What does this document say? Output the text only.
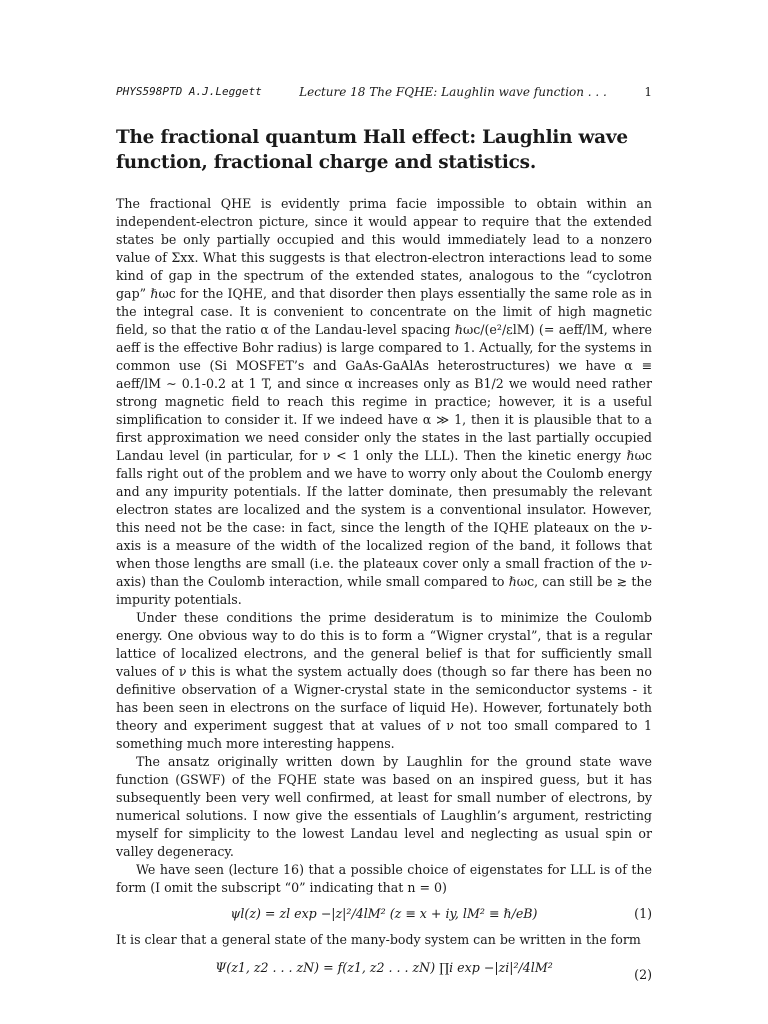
PHYS598PTD A.J.Leggett	Lecture 18 The FQHE: Laughlin wave function . . .	1
The fractional quantum Hall effect: Laughlin wave function, fractional charge and statistics.

The fractional QHE is evidently prima facie impossible to obtain within an independent-electron picture, since it would appear to require that the extended states be only partially occupied and this would immediately lead to a nonzero value of Σxx. What this suggests is that electron-electron interactions lead to some kind of gap in the spectrum of the extended states, analogous to the “cyclotron gap” ℏωc for the IQHE, and that disorder then plays essentially the same role as in the integral case. It is convenient to concentrate on the limit of high magnetic field, so that the ratio α of the Landau-level spacing ℏωc/(e²/εlM) (= aeff/lM, where aeff is the effective Bohr radius) is large compared to 1. Actually, for the systems in common use (Si MOSFET’s and GaAs-GaAlAs heterostructures) we have α ≡ aeff/lM ∼ 0.1-0.2 at 1 T, and since α increases only as B1/2 we would need rather strong magnetic field to reach this regime in practice; however, it is a useful simplification to consider it. If we indeed have α ≫ 1, then it is plausible that to a first approximation we need consider only the states in the last partially occupied Landau level (in particular, for ν < 1 only the LLL). Then the kinetic energy ℏωc falls right out of the problem and we have to worry only about the Coulomb energy and any impurity potentials. If the latter dominate, then presumably the relevant electron states are localized and the system is a conventional insulator. However, this need not be the case: in fact, since the length of the IQHE plateaux on the ν-axis is a measure of the width of the localized region of the band, it follows that when those lengths are small (i.e. the plateaux cover only a small fraction of the ν-axis) than the Coulomb interaction, while small compared to ℏωc, can still be ≳ the impurity potentials.

Under these conditions the prime desideratum is to minimize the Coulomb energy. One obvious way to do this is to form a “Wigner crystal”, that is a regular lattice of localized electrons, and the general belief is that for sufficiently small values of ν this is what the system actually does (though so far there has been no definitive observation of a Wigner-crystal state in the semiconductor systems - it has been seen in electrons on the surface of liquid He). However, fortunately both theory and experiment suggest that at values of ν not too small compared to 1 something much more interesting happens.

The ansatz originally written down by Laughlin for the ground state wave function (GSWF) of the FQHE state was based on an inspired guess, but it has subsequently been very well confirmed, at least for small number of electrons, by numerical solutions. I now give the essentials of Laughlin’s argument, restricting myself for simplicity to the lowest Landau level and neglecting as usual spin or valley degeneracy.

We have seen (lecture 16) that a possible choice of eigenstates for LLL is of the form (I omit the subscript “0” indicating that n = 0)

ψl(z) = zl exp −|z|²/4lM² (z ≡ x + iy, lM² ≡ ℏ/eB)	(1)

It is clear that a general state of the many-body system can be written in the form

Ψ(z1, z2 . . . zN) = f(z1, z2 . . . zN) ∏i exp −|zi|²/4lM²	(2)
